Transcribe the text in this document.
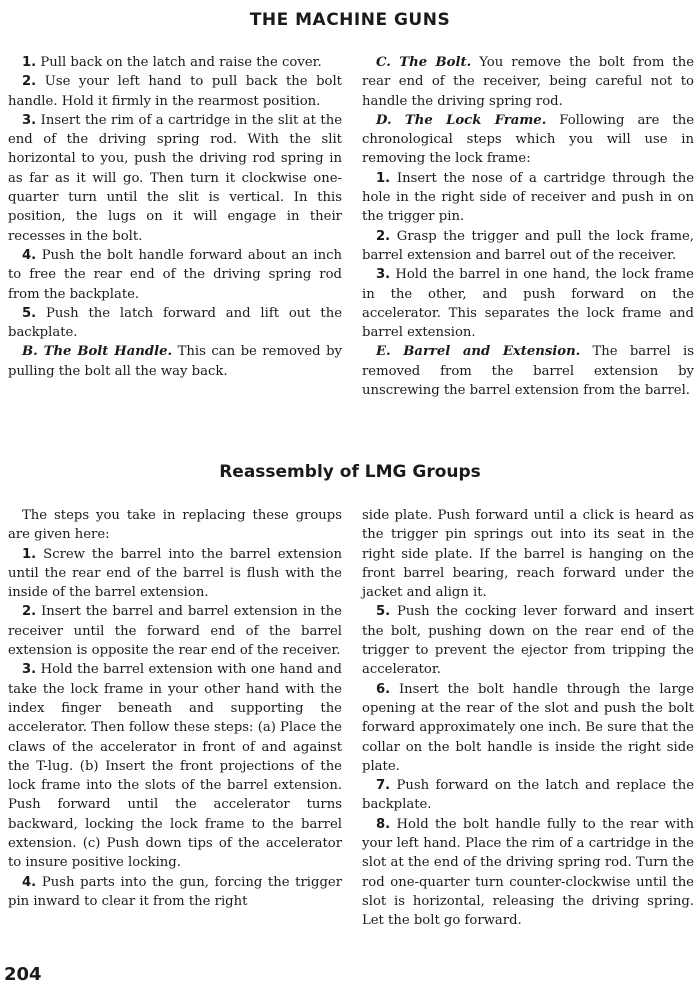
THE MACHINE GUNS

1. Pull back on the latch and raise the cover.

2. Use your left hand to pull back the bolt handle. Hold it firmly in the rearmost position.

3. Insert the rim of a cartridge in the slit at the end of the driving spring rod. With the slit horizontal to you, push the driving rod spring in as far as it will go. Then turn it clockwise one-quarter turn until the slit is vertical. In this position, the lugs on it will engage in their recesses in the bolt.

4. Push the bolt handle forward about an inch to free the rear end of the driving spring rod from the backplate.

5. Push the latch forward and lift out the backplate.

B. The Bolt Handle. This can be removed by pulling the bolt all the way back.

C. The Bolt. You remove the bolt from the rear end of the receiver, being careful not to handle the driving spring rod.

D. The Lock Frame. Following are the chronological steps which you will use in removing the lock frame:

1. Insert the nose of a cartridge through the hole in the right side of receiver and push in on the trigger pin.

2. Grasp the trigger and pull the lock frame, barrel extension and barrel out of the receiver.

3. Hold the barrel in one hand, the lock frame in the other, and push forward on the accelerator. This separates the lock frame and barrel extension.

E. Barrel and Extension. The barrel is removed from the barrel extension by unscrewing the barrel extension from the barrel.

Reassembly of LMG Groups

The steps you take in replacing these groups are given here:

1. Screw the barrel into the barrel extension until the rear end of the barrel is flush with the inside of the barrel extension.

2. Insert the barrel and barrel extension in the receiver until the forward end of the barrel extension is opposite the rear end of the receiver.

3. Hold the barrel extension with one hand and take the lock frame in your other hand with the index finger beneath and supporting the accelerator. Then follow these steps: (a) Place the claws of the accelerator in front of and against the T-lug. (b) Insert the front projections of the lock frame into the slots of the barrel extension. Push forward until the accelerator turns backward, locking the lock frame to the barrel extension. (c) Push down tips of the accelerator to insure positive locking.

4. Push parts into the gun, forcing the trigger pin inward to clear it from the right

side plate. Push forward until a click is heard as the trigger pin springs out into its seat in the right side plate. If the barrel is hanging on the front barrel bearing, reach forward under the jacket and align it.

5. Push the cocking lever forward and insert the bolt, pushing down on the rear end of the trigger to prevent the ejector from tripping the accelerator.

6. Insert the bolt handle through the large opening at the rear of the slot and push the bolt forward approximately one inch. Be sure that the collar on the bolt handle is inside the right side plate.

7. Push forward on the latch and replace the backplate.

8. Hold the bolt handle fully to the rear with your left hand. Place the rim of a cartridge in the slot at the end of the driving spring rod. Turn the rod one-quarter turn counter-clockwise until the slot is horizontal, releasing the driving spring. Let the bolt go forward.

204
